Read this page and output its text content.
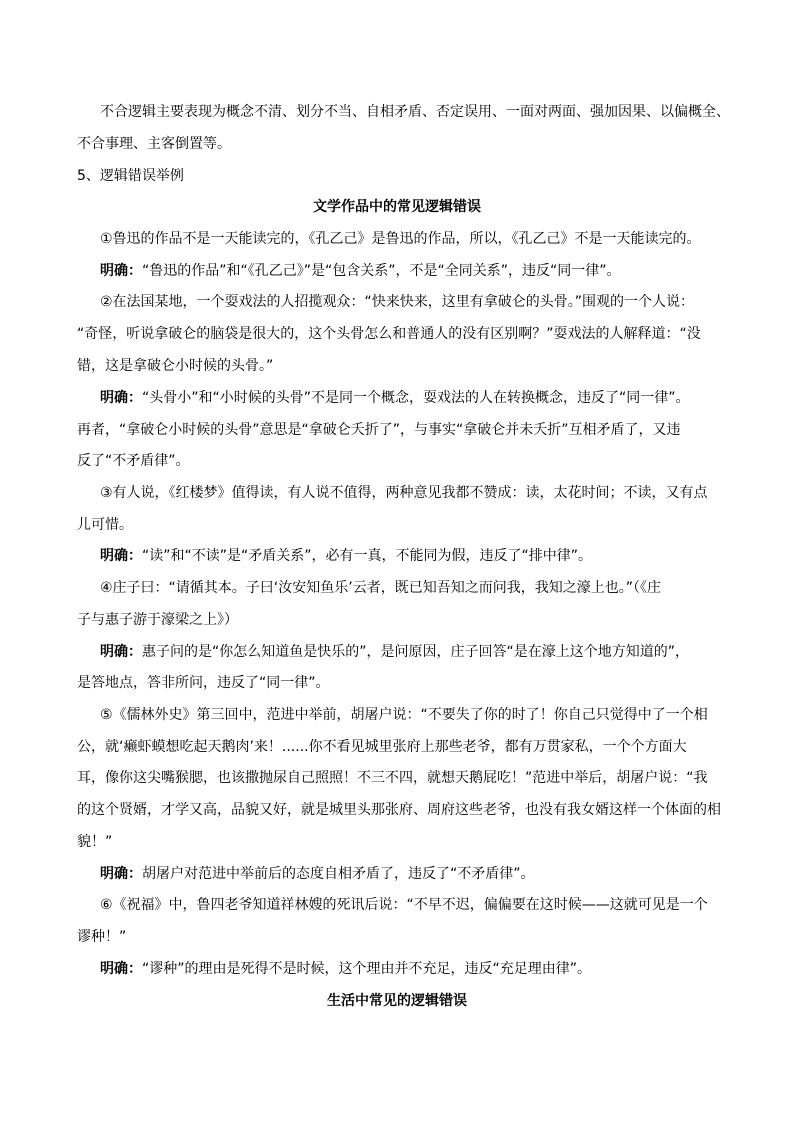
不合逻辑主要表现为概念不清、划分不当、自相矛盾、否定误用、一面对两面、强加因果、以偏概全、
不合事理、主客倒置等。
5、逻辑错误举例
文学作品中的常见逻辑错误
①鲁迅的作品不是一天能读完的，《孔乙己》是鲁迅的作品，所以，《孔乙己》不是一天能读完的。
明确：“鲁迅的作品”和“《孔乙己》”是“包含关系”，不是“全同关系”，违反“同一律”。
②在法国某地，一个耍戏法的人招揽观众：“快来快来，这里有拿破仑的头骨。”围观的一个人说：
“奇怪，听说拿破仑的脑袋是很大的，这个头骨怎么和普通人的没有区别啊？”耍戏法的人解释道：“没
错，这是拿破仑小时候的头骨。”
明确：“头骨小”和“小时候的头骨”不是同一个概念，耍戏法的人在转换概念，违反了“同一律”。
再者，“拿破仑小时候的头骨”意思是“拿破仑夭折了”，与事实“拿破仑并未夭折”互相矛盾了，又违
反了“不矛盾律”。
③有人说，《红楼梦》值得读，有人说不值得，两种意见我都不赞成：读，太花时间；不读，又有点
儿可惜。
明确：“读”和“不读”是“矛盾关系”，必有一真，不能同为假，违反了“排中律”。
④庄子曰：“请循其本。子曰‘汝安知鱼乐’云者，既已知吾知之而问我，我知之濠上也。”（《庄
子与惠子游于濠梁之上》）
明确：惠子问的是“你怎么知道鱼是快乐的”，是问原因，庄子回答“是在濠上这个地方知道的”，
是答地点，答非所问，违反了“同一律”。
⑤《儒林外史》第三回中，范进中举前，胡屠户说：“不要失了你的时了！你自己只觉得中了一个相
公，就‘癞虾蟆想吃起天鹅肉’来！......你不看见城里张府上那些老爷，都有万贯家私，一个个方面大
耳，像你这尖嘴猴腮，也该撒抛尿自己照照！不三不四，就想天鹅屁吃！”范进中举后，胡屠户说：“我
的这个贤婿，才学又高，品貌又好，就是城里头那张府、周府这些老爷，也没有我女婿这样一个体面的相
貌！”
明确：胡屠户对范进中举前后的态度自相矛盾了，违反了“不矛盾律”。
⑥《祝福》中，鲁四老爷知道祥林嫂的死讯后说：“不早不迟，偏偏要在这时候——这就可见是一个
谬种！”
明确：“谬种”的理由是死得不是时候，这个理由并不充足，违反“充足理由律”。
生活中常见的逻辑错误
